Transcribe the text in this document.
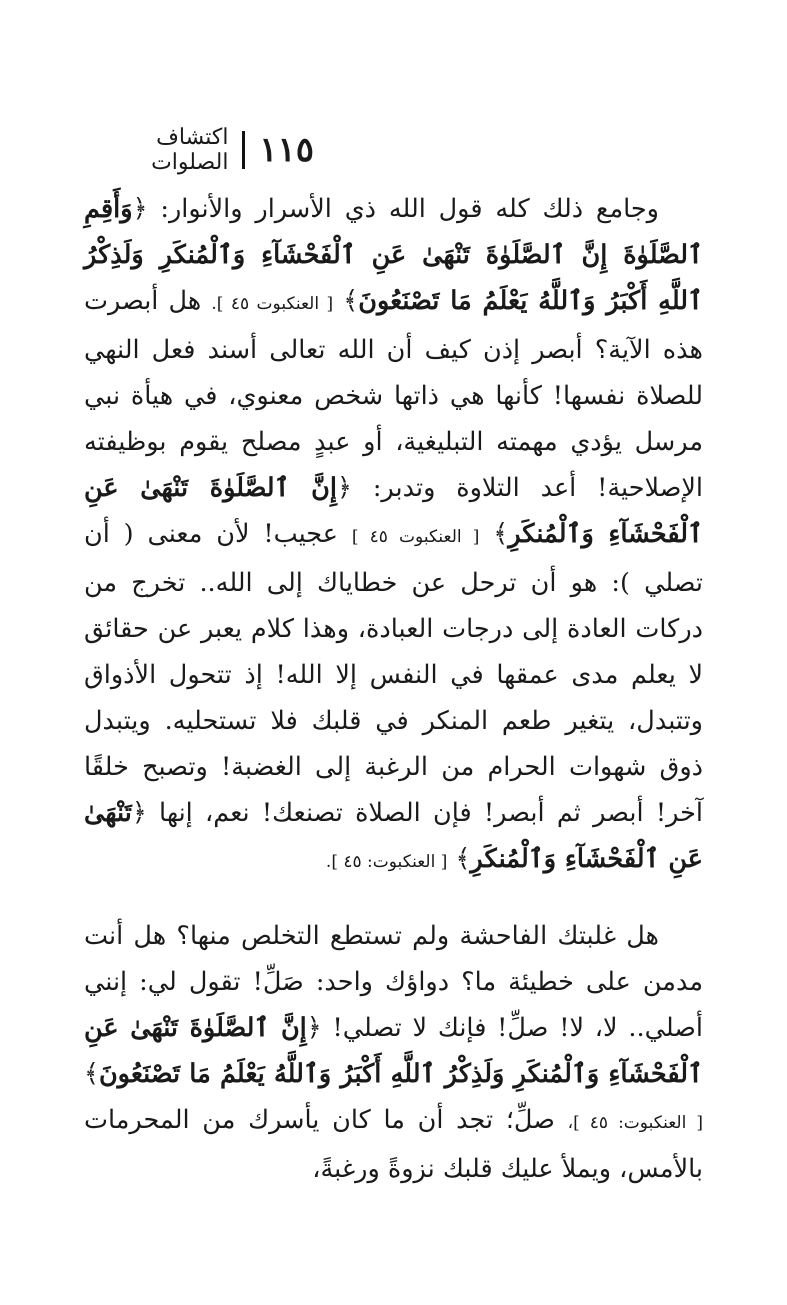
١١٥
اكتشاف الصلوات

وجامع ذلك كله قول الله ذي الأسرار والأنوار: ﴿وَأَقِمِ ٱلصَّلَوٰةَ إِنَّ ٱلصَّلَوٰةَ تَنْهَىٰ عَنِ ٱلْفَحْشَآءِ وَٱلْمُنكَرِ وَلَذِكْرُ ٱللَّهِ أَكْبَرُ وَٱللَّهُ يَعْلَمُ مَا تَصْنَعُونَ﴾ [ العنكبوت ٤٥ ]. هل أبصرت هذه الآية؟ أبصر إذن كيف أن الله تعالى أسند فعل النهي للصلاة نفسها! كأنها هي ذاتها شخص معنوي، في هيأة نبي مرسل يؤدي مهمته التبليغية، أو عبدٍ مصلح يقوم بوظيفته الإصلاحية! أعد التلاوة وتدبر: ﴿إِنَّ ٱلصَّلَوٰةَ تَنْهَىٰ عَنِ ٱلْفَحْشَآءِ وَٱلْمُنكَرِ﴾ [ العنكبوت ٤٥ ] عجيب! لأن معنى ( أن تصلي ): هو أن ترحل عن خطاياك إلى الله.. تخرج من دركات العادة إلى درجات العبادة، وهذا كلام يعبر عن حقائق لا يعلم مدى عمقها في النفس إلا الله! إذ تتحول الأذواق وتتبدل، يتغير طعم المنكر في قلبك فلا تستحليه. ويتبدل ذوق شهوات الحرام من الرغبة إلى الغضبة! وتصبح خلقًا آخر! أبصر ثم أبصر! فإن الصلاة تصنعك! نعم، إنها ﴿تَنْهَىٰ عَنِ ٱلْفَحْشَآءِ وَٱلْمُنكَرِ﴾ [ العنكبوت: ٤٥ ].

هل غلبتك الفاحشة ولم تستطع التخلص منها؟ هل أنت مدمن على خطيئة ما؟ دواؤك واحد: صَلِّ! تقول لي: إنني أصلي.. لا، لا! صلِّ! فإنك لا تصلي! ﴿إِنَّ ٱلصَّلَوٰةَ تَنْهَىٰ عَنِ ٱلْفَحْشَآءِ وَٱلْمُنكَرِ وَلَذِكْرُ ٱللَّهِ أَكْبَرُ وَٱللَّهُ يَعْلَمُ مَا تَصْنَعُونَ﴾ [ العنكبوت: ٤٥ ]، صلِّ؛ تجد أن ما كان يأسرك من المحرمات بالأمس، ويملأ عليك قلبك نزوةً ورغبةً،
